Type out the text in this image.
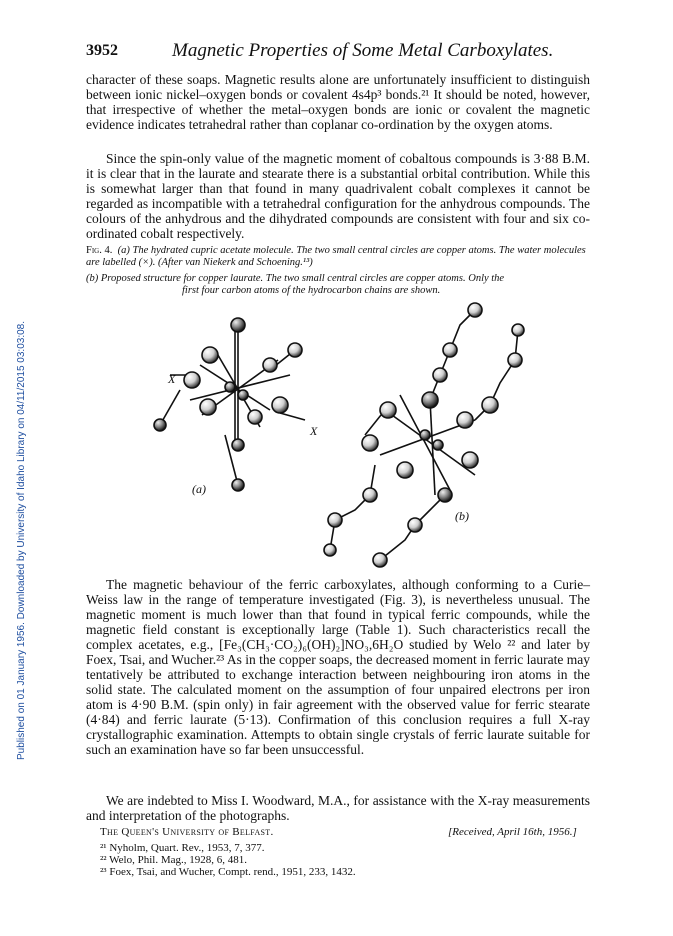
Published on 01 January 1956. Downloaded by University of Idaho Library on 04/11/2015 03:03:08.
3952	Magnetic Properties of Some Metal Carboxylates.

character of these soaps. Magnetic results alone are unfortunately insufficient to distinguish between ionic nickel–oxygen bonds or covalent 4s4p³ bonds.²¹ It should be noted, however, that irrespective of whether the metal–oxygen bonds are ionic or covalent the magnetic evidence indicates tetrahedral rather than coplanar co-ordination by the oxygen atoms.

Since the spin-only value of the magnetic moment of cobaltous compounds is 3·88 B.M. it is clear that in the laurate and stearate there is a substantial orbital contribution. While this is somewhat larger than that found in many quadrivalent cobalt complexes it cannot be regarded as incompatible with a tetrahedral configuration for the anhydrous compounds. The colours of the anhydrous and the dihydrated compounds are consistent with four and six co-ordinated cobalt respectively.

Fig. 4. (a) The hydrated cupric acetate molecule. The two small central circles are copper atoms. The water molecules are labelled (×). (After van Niekerk and Schoening.¹³)

(b) Proposed structure for copper laurate. The two small central circles are copper atoms. Only the
first four carbon atoms of the hydrocarbon chains are shown.

X
X
(a)
(b)

The magnetic behaviour of the ferric carboxylates, although conforming to a Curie–Weiss law in the range of temperature investigated (Fig. 3), is nevertheless unusual. The magnetic moment is much lower than that found in typical ferric compounds, while the magnetic field constant is exceptionally large (Table 1). Such characteristics recall the complex acetates, e.g., [Fe₃(CH₃·CO₂)₆(OH)₂]NO₃,6H₂O studied by Welo ²² and later by Foex, Tsai, and Wucher.²³ As in the copper soaps, the decreased moment in ferric laurate may tentatively be attributed to exchange interaction between neighbouring iron atoms in the solid state. The calculated moment on the assumption of four unpaired electrons per iron atom is 4·90 B.M. (spin only) in fair agreement with the observed value for ferric stearate (4·84) and ferric laurate (5·13). Confirmation of this conclusion requires a full X-ray crystallographic examination. Attempts to obtain single crystals of ferric laurate suitable for such an examination have so far been unsuccessful.

We are indebted to Miss I. Woodward, M.A., for assistance with the X-ray measurements and interpretation of the photographs.

The Queen's University of Belfast.	[Received, April 16th, 1956.]
²¹ Nyholm, Quart. Rev., 1953, 7, 377.
²² Welo, Phil. Mag., 1928, 6, 481.
²³ Foex, Tsai, and Wucher, Compt. rend., 1951, 233, 1432.
